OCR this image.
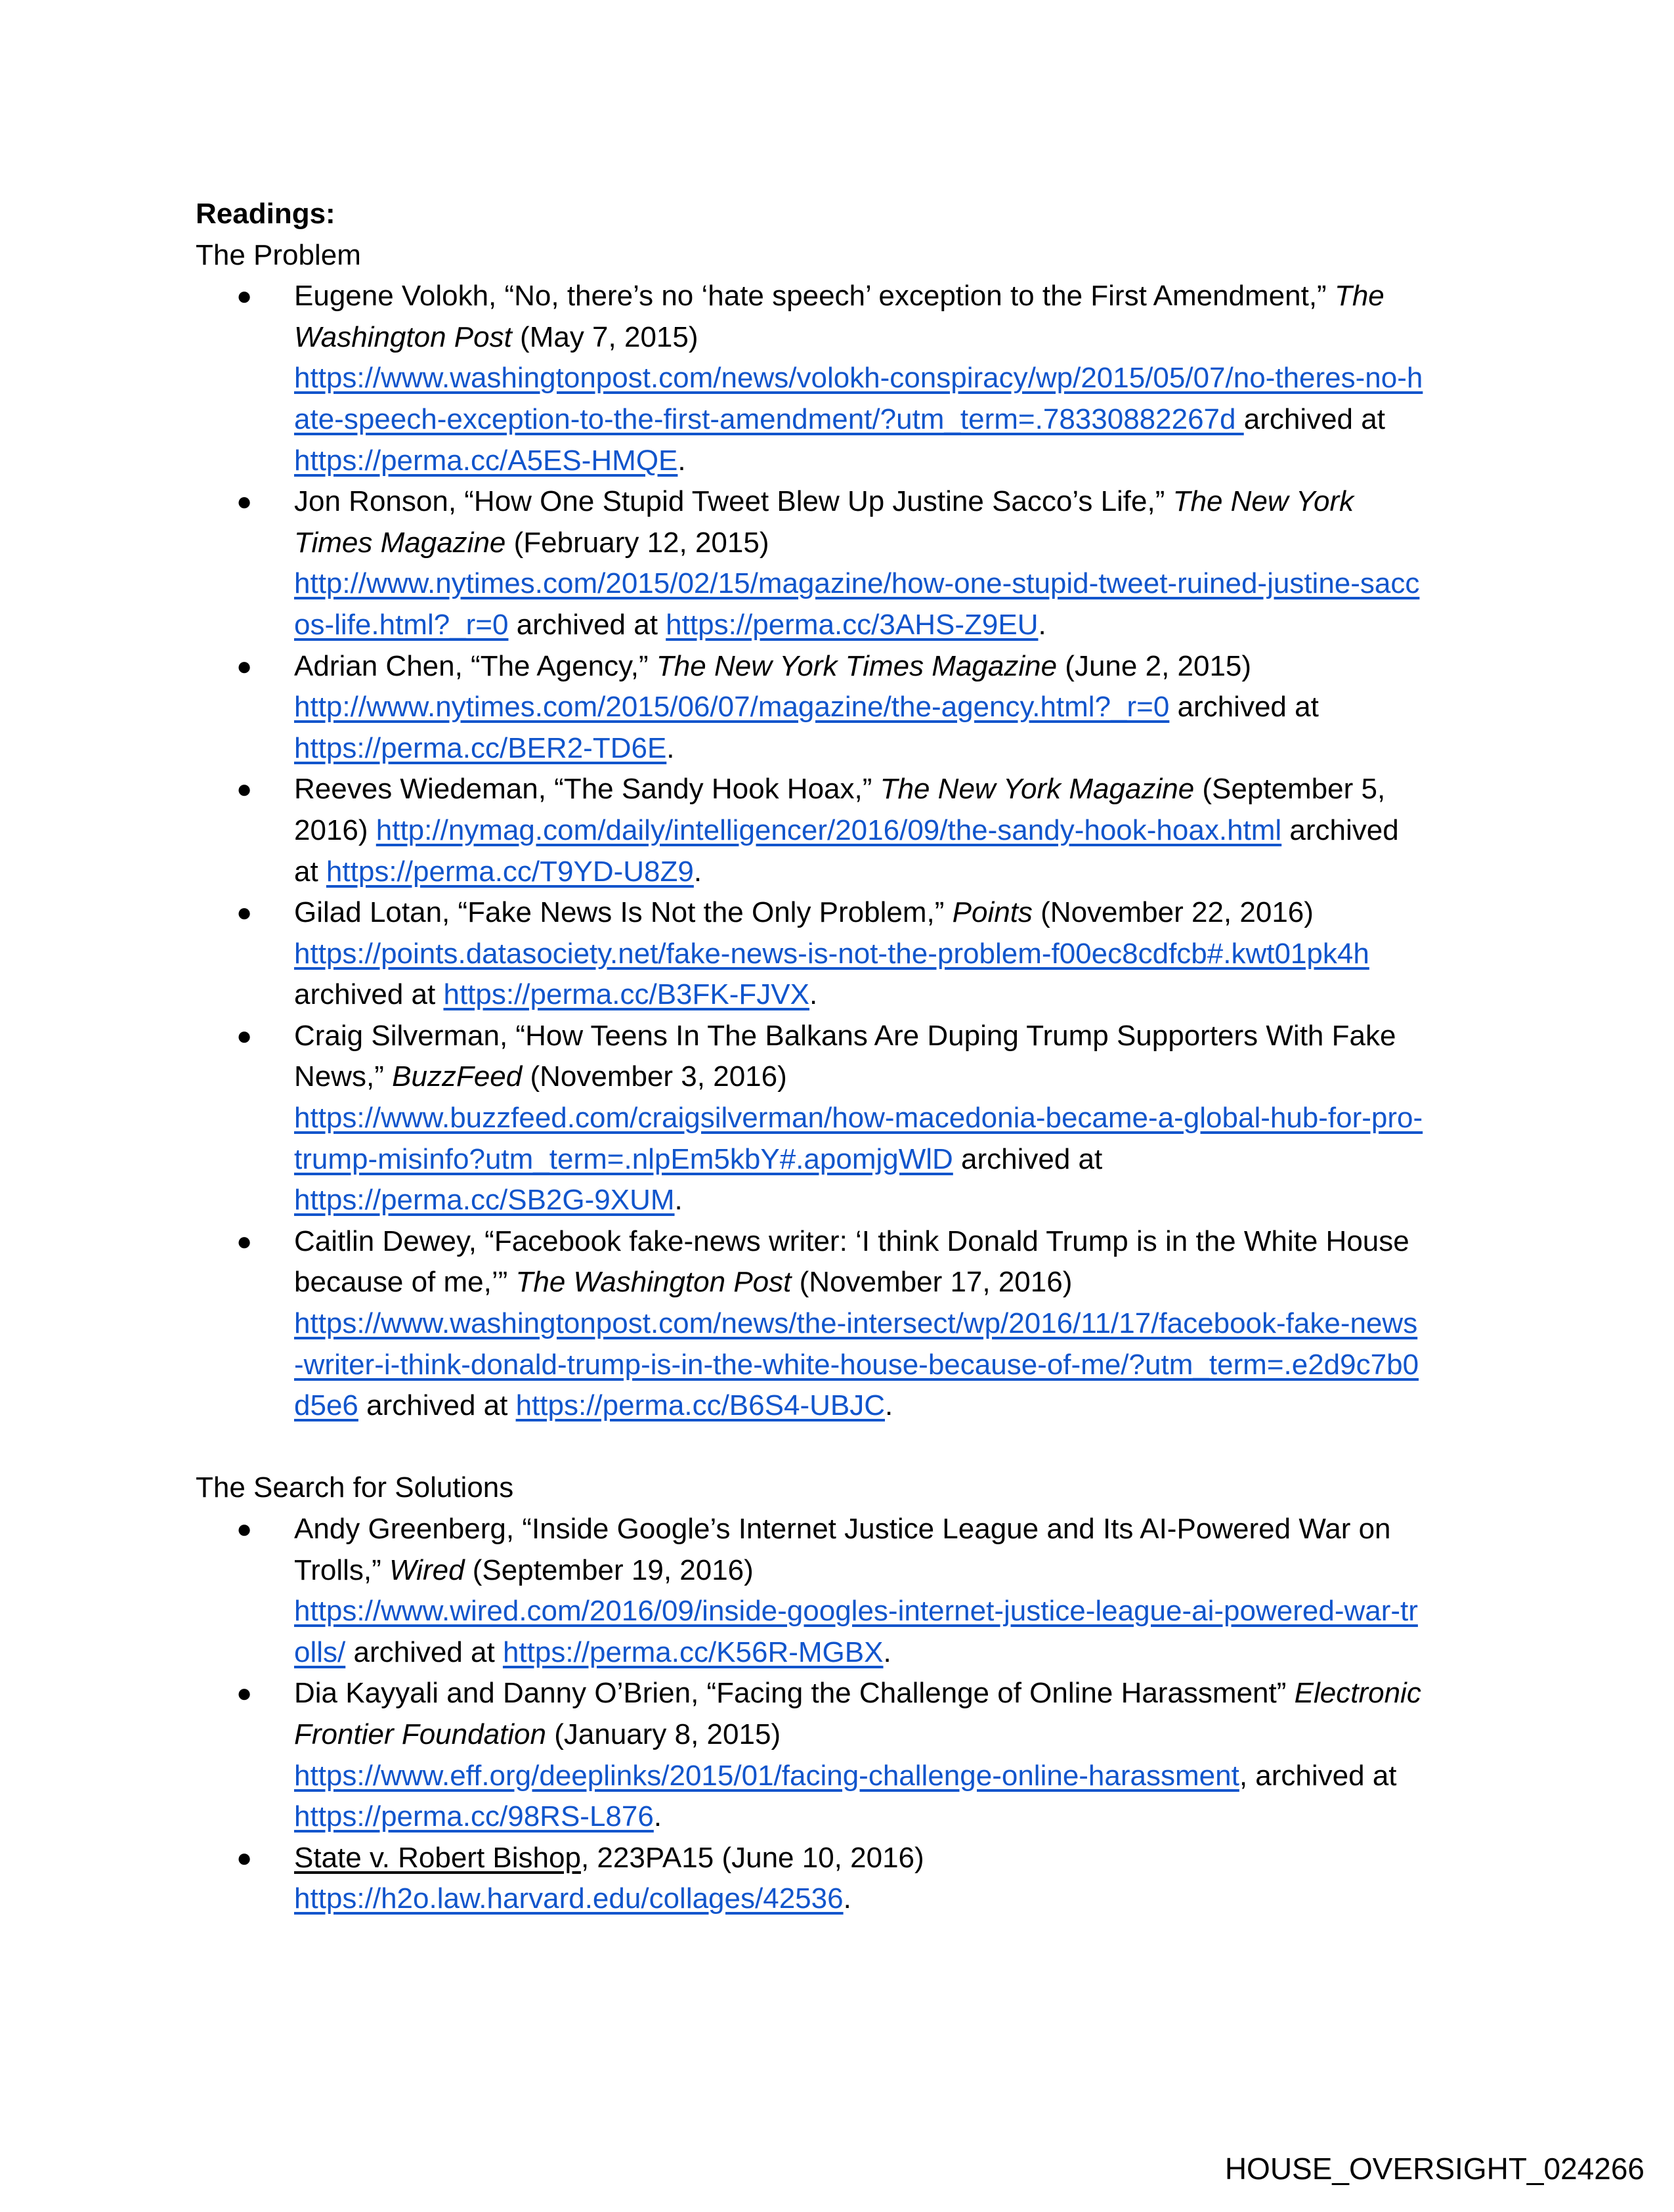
Readings:
The Problem
● Eugene Volokh, “No, there’s no ‘hate speech’ exception to the First Amendment,” The
Washington Post (May 7, 2015)
https://www.washingtonpost.com/news/volokh-conspiracy/wp/2015/05/07/no-theres-no-h
ate-speech-exception-to-the-first-amendment/?utm_term=.78330882267d archived at
https://perma.cc/A5ES-HMQE.
● Jon Ronson, “How One Stupid Tweet Blew Up Justine Sacco’s Life,” The New York
Times Magazine (February 12, 2015)
http://www.nytimes.com/2015/02/15/magazine/how-one-stupid-tweet-ruined-justine-sacc
os-life.html?_r=0 archived at https://perma.cc/3AHS-Z9EU.
● Adrian Chen, “The Agency,” The New York Times Magazine (June 2, 2015)
http://www.nytimes.com/2015/06/07/magazine/the-agency.html?_r=0 archived at
https://perma.cc/BER2-TD6E.
● Reeves Wiedeman, “The Sandy Hook Hoax,” The New York Magazine (September 5,
2016) http://nymag.com/daily/intelligencer/2016/09/the-sandy-hook-hoax.html archived
at https://perma.cc/T9YD-U8Z9.
● Gilad Lotan, “Fake News Is Not the Only Problem,” Points (November 22, 2016)
https://points.datasociety.net/fake-news-is-not-the-problem-f00ec8cdfcb#.kwt01pk4h
archived at https://perma.cc/B3FK-FJVX.
● Craig Silverman, “How Teens In The Balkans Are Duping Trump Supporters With Fake
News,” BuzzFeed (November 3, 2016)
https://www.buzzfeed.com/craigsilverman/how-macedonia-became-a-global-hub-for-pro-
trump-misinfo?utm_term=.nlpEm5kbY#.apomjgWlD archived at
https://perma.cc/SB2G-9XUM.
● Caitlin Dewey, “Facebook fake-news writer: ‘I think Donald Trump is in the White House
because of me,’” The Washington Post (November 17, 2016)
https://www.washingtonpost.com/news/the-intersect/wp/2016/11/17/facebook-fake-news
-writer-i-think-donald-trump-is-in-the-white-house-because-of-me/?utm_term=.e2d9c7b0
d5e6 archived at https://perma.cc/B6S4-UBJC.
The Search for Solutions
● Andy Greenberg, “Inside Google’s Internet Justice League and Its AI-Powered War on
Trolls,” Wired (September 19, 2016)
https://www.wired.com/2016/09/inside-googles-internet-justice-league-ai-powered-war-tr
olls/ archived at https://perma.cc/K56R-MGBX.
● Dia Kayyali and Danny O’Brien, “Facing the Challenge of Online Harassment” Electronic
Frontier Foundation (January 8, 2015)
https://www.eff.org/deeplinks/2015/01/facing-challenge-online-harassment, archived at
https://perma.cc/98RS-L876.
● State v. Robert Bishop, 223PA15 (June 10, 2016)
https://h2o.law.harvard.edu/collages/42536.
HOUSE_OVERSIGHT_024266
